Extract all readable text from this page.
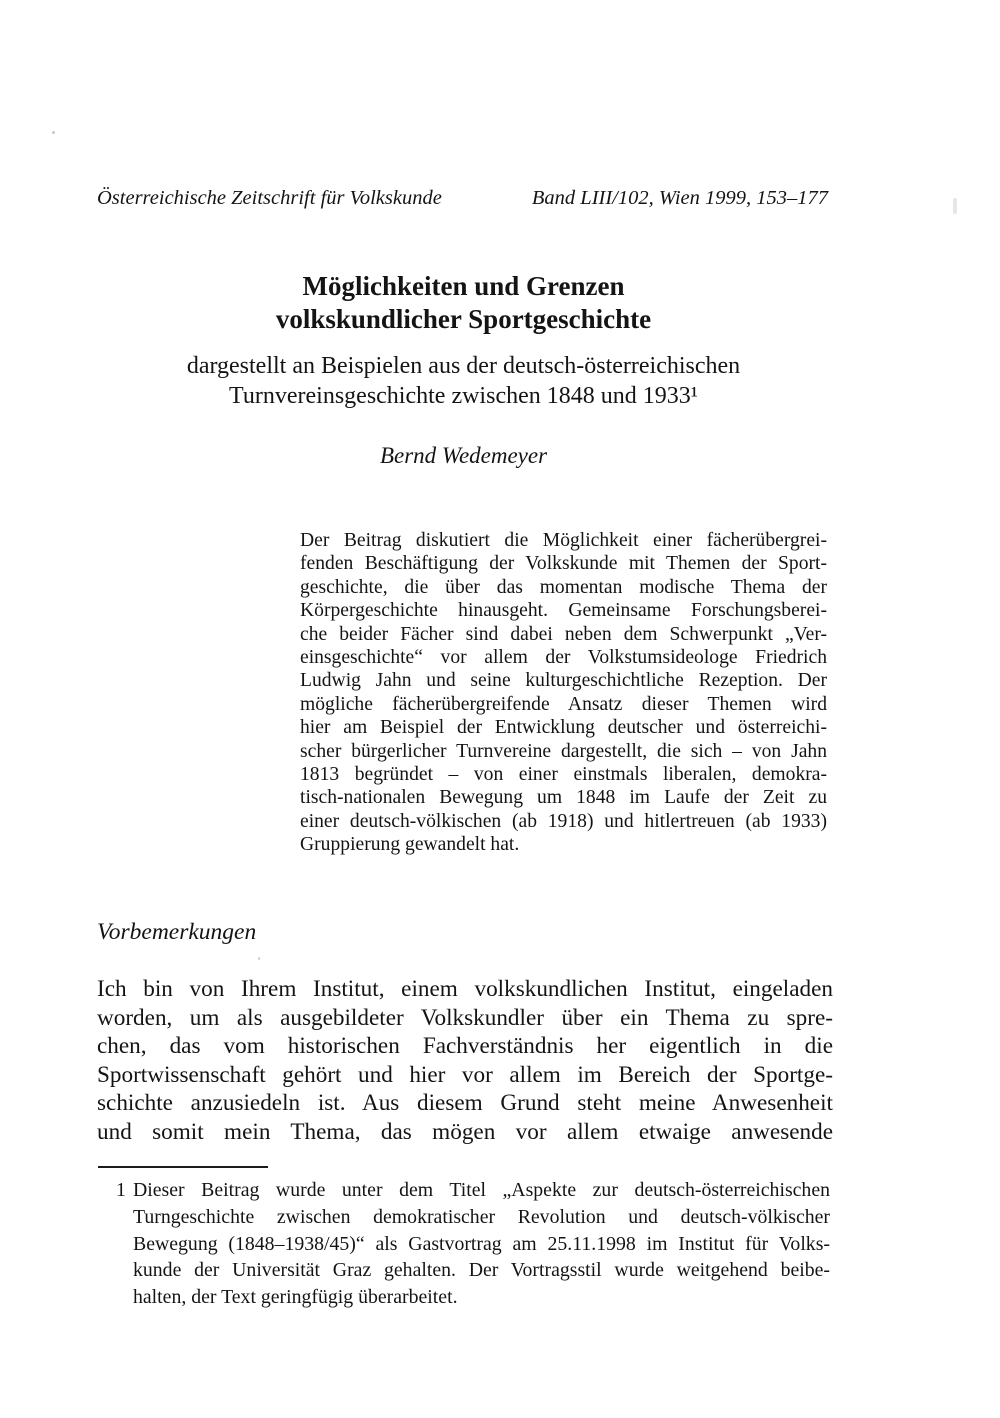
Österreichische Zeitschrift für Volkskunde	Band LIII/102, Wien 1999, 153–177
Möglichkeiten und Grenzen
volkskundlicher Sportgeschichte
dargestellt an Beispielen aus der deutsch-österreichischen
Turnvereinsgeschichte zwischen 1848 und 1933¹
Bernd Wedemeyer
Der Beitrag diskutiert die Möglichkeit einer fächerübergrei-
fenden Beschäftigung der Volkskunde mit Themen der Sport-
geschichte, die über das momentan modische Thema der
Körpergeschichte hinausgeht. Gemeinsame Forschungsberei-
che beider Fächer sind dabei neben dem Schwerpunkt „Ver-
einsgeschichte“ vor allem der Volkstumsideologe Friedrich
Ludwig Jahn und seine kulturgeschichtliche Rezeption. Der
mögliche fächerübergreifende Ansatz dieser Themen wird
hier am Beispiel der Entwicklung deutscher und österreichi-
scher bürgerlicher Turnvereine dargestellt, die sich – von Jahn
1813 begründet – von einer einstmals liberalen, demokra-
tisch-nationalen Bewegung um 1848 im Laufe der Zeit zu
einer deutsch-völkischen (ab 1918) und hitlertreuen (ab 1933)
Gruppierung gewandelt hat.
Vorbemerkungen
Ich bin von Ihrem Institut, einem volkskundlichen Institut, eingeladen
worden, um als ausgebildeter Volkskundler über ein Thema zu spre-
chen, das vom historischen Fachverständnis her eigentlich in die
Sportwissenschaft gehört und hier vor allem im Bereich der Sportge-
schichte anzusiedeln ist. Aus diesem Grund steht meine Anwesenheit
und somit mein Thema, das mögen vor allem etwaige anwesende
1 Dieser Beitrag wurde unter dem Titel „Aspekte zur deutsch-österreichischen
Turngeschichte zwischen demokratischer Revolution und deutsch-völkischer
Bewegung (1848–1938/45)“ als Gastvortrag am 25.11.1998 im Institut für Volks-
kunde der Universität Graz gehalten. Der Vortragsstil wurde weitgehend beibe-
halten, der Text geringfügig überarbeitet.
